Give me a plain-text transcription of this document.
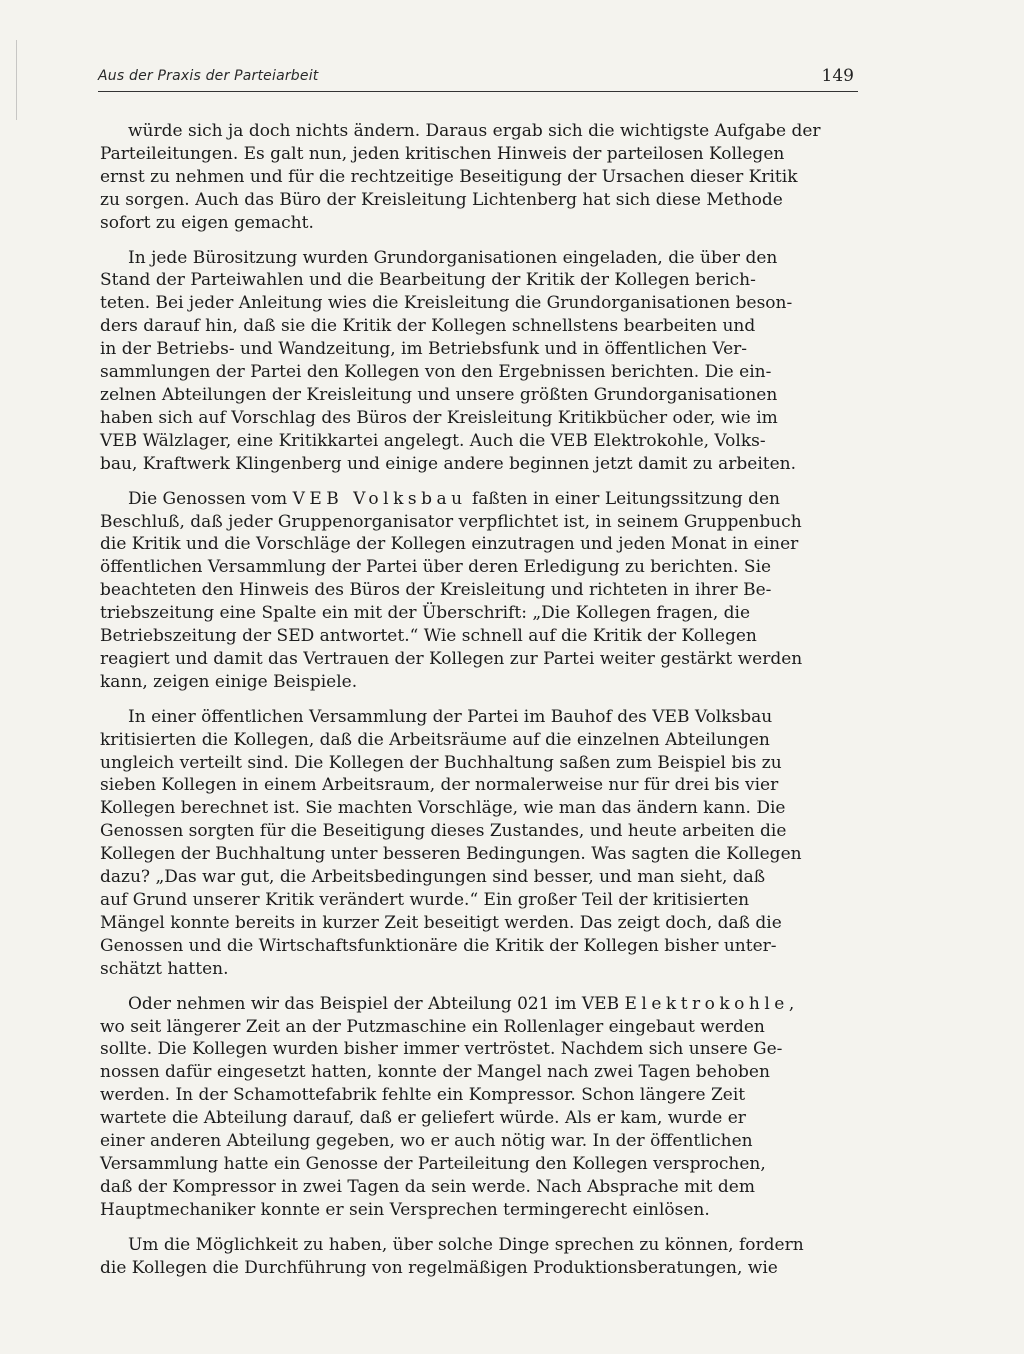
Aus der Praxis der Parteiarbeit	149

würde sich ja doch nichts ändern. Daraus ergab sich die wichtigste Aufgabe der
Parteileitungen. Es galt nun, jeden kritischen Hinweis der parteilosen Kollegen
ernst zu nehmen und für die rechtzeitige Beseitigung der Ursachen dieser Kritik
zu sorgen. Auch das Büro der Kreisleitung Lichtenberg hat sich diese Methode
sofort zu eigen gemacht.

In jede Bürositzung wurden Grundorganisationen eingeladen, die über den
Stand der Parteiwahlen und die Bearbeitung der Kritik der Kollegen berich-
teten. Bei jeder Anleitung wies die Kreisleitung die Grundorganisationen beson-
ders darauf hin, daß sie die Kritik der Kollegen schnellstens bearbeiten und
in der Betriebs- und Wandzeitung, im Betriebsfunk und in öffentlichen Ver-
sammlungen der Partei den Kollegen von den Ergebnissen berichten. Die ein-
zelnen Abteilungen der Kreisleitung und unsere größten Grundorganisationen
haben sich auf Vorschlag des Büros der Kreisleitung Kritikbücher oder, wie im
VEB Wälzlager, eine Kritikkartei angelegt. Auch die VEB Elektrokohle, Volks-
bau, Kraftwerk Klingenberg und einige andere beginnen jetzt damit zu arbeiten.

Die Genossen vom VEB Volksbau faßten in einer Leitungssitzung den
Beschluß, daß jeder Gruppenorganisator verpflichtet ist, in seinem Gruppenbuch
die Kritik und die Vorschläge der Kollegen einzutragen und jeden Monat in einer
öffentlichen Versammlung der Partei über deren Erledigung zu berichten. Sie
beachteten den Hinweis des Büros der Kreisleitung und richteten in ihrer Be-
triebszeitung eine Spalte ein mit der Überschrift: „Die Kollegen fragen, die
Betriebszeitung der SED antwortet.“ Wie schnell auf die Kritik der Kollegen
reagiert und damit das Vertrauen der Kollegen zur Partei weiter gestärkt werden
kann, zeigen einige Beispiele.

In einer öffentlichen Versammlung der Partei im Bauhof des VEB Volksbau
kritisierten die Kollegen, daß die Arbeitsräume auf die einzelnen Abteilungen
ungleich verteilt sind. Die Kollegen der Buchhaltung saßen zum Beispiel bis zu
sieben Kollegen in einem Arbeitsraum, der normalerweise nur für drei bis vier
Kollegen berechnet ist. Sie machten Vorschläge, wie man das ändern kann. Die
Genossen sorgten für die Beseitigung dieses Zustandes, und heute arbeiten die
Kollegen der Buchhaltung unter besseren Bedingungen. Was sagten die Kollegen
dazu? „Das war gut, die Arbeitsbedingungen sind besser, und man sieht, daß
auf Grund unserer Kritik verändert wurde.“ Ein großer Teil der kritisierten
Mängel konnte bereits in kurzer Zeit beseitigt werden. Das zeigt doch, daß die
Genossen und die Wirtschaftsfunktionäre die Kritik der Kollegen bisher unter-
schätzt hatten.

Oder nehmen wir das Beispiel der Abteilung 021 im VEB Elektrokohle,
wo seit längerer Zeit an der Putzmaschine ein Rollenlager eingebaut werden
sollte. Die Kollegen wurden bisher immer vertröstet. Nachdem sich unsere Ge-
nossen dafür eingesetzt hatten, konnte der Mangel nach zwei Tagen behoben
werden. In der Schamottefabrik fehlte ein Kompressor. Schon längere Zeit
wartete die Abteilung darauf, daß er geliefert würde. Als er kam, wurde er
einer anderen Abteilung gegeben, wo er auch nötig war. In der öffentlichen
Versammlung hatte ein Genosse der Parteileitung den Kollegen versprochen,
daß der Kompressor in zwei Tagen da sein werde. Nach Absprache mit dem
Hauptmechaniker konnte er sein Versprechen termingerecht einlösen.

Um die Möglichkeit zu haben, über solche Dinge sprechen zu können, fordern
die Kollegen die Durchführung von regelmäßigen Produktionsberatungen, wie
